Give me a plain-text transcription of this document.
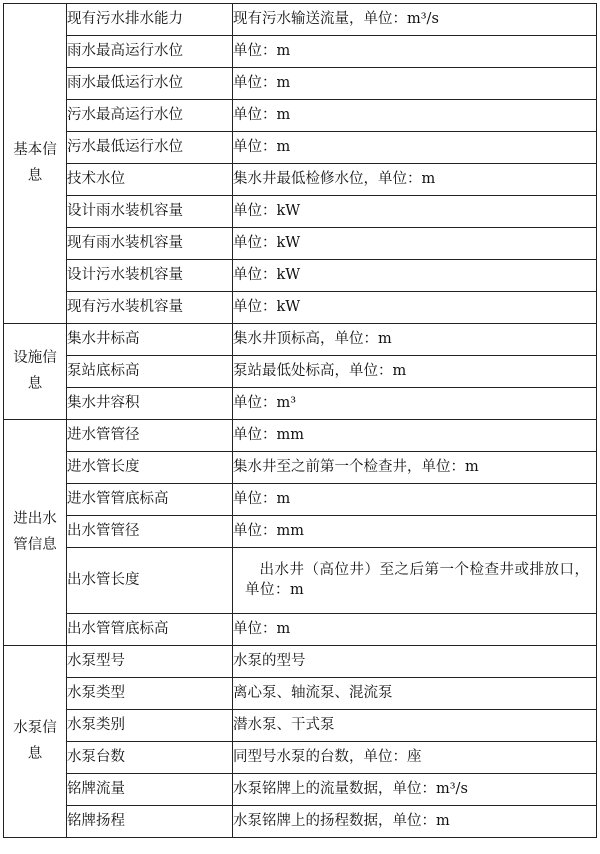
基本信息	现有污水排水能力	现有污水输送流量，单位：m³/s
	雨水最高运行水位	单位：m
	雨水最低运行水位	单位：m
	污水最高运行水位	单位：m
	污水最低运行水位	单位：m
	技术水位	集水井最低检修水位，单位：m
	设计雨水装机容量	单位：kW
	现有雨水装机容量	单位：kW
	设计污水装机容量	单位：kW
	现有污水装机容量	单位：kW
设施信息	集水井标高	集水井顶标高，单位：m
	泵站底标高	泵站最低处标高，单位：m
	集水井容积	单位：m³
进出水管信息	进水管管径	单位：mm
	进水管长度	集水井至之前第一个检查井，单位：m
	进水管管底标高	单位：m
	出水管管径	单位：mm
	出水管长度	出水井（高位井）至之后第一个检查井或排放口，单位：m
	出水管管底标高	单位：m
水泵信息	水泵型号	水泵的型号
	水泵类型	离心泵、轴流泵、混流泵
	水泵类别	潜水泵、干式泵
	水泵台数	同型号水泵的台数，单位：座
	铭牌流量	水泵铭牌上的流量数据，单位：m³/s
	铭牌扬程	水泵铭牌上的扬程数据，单位：m
